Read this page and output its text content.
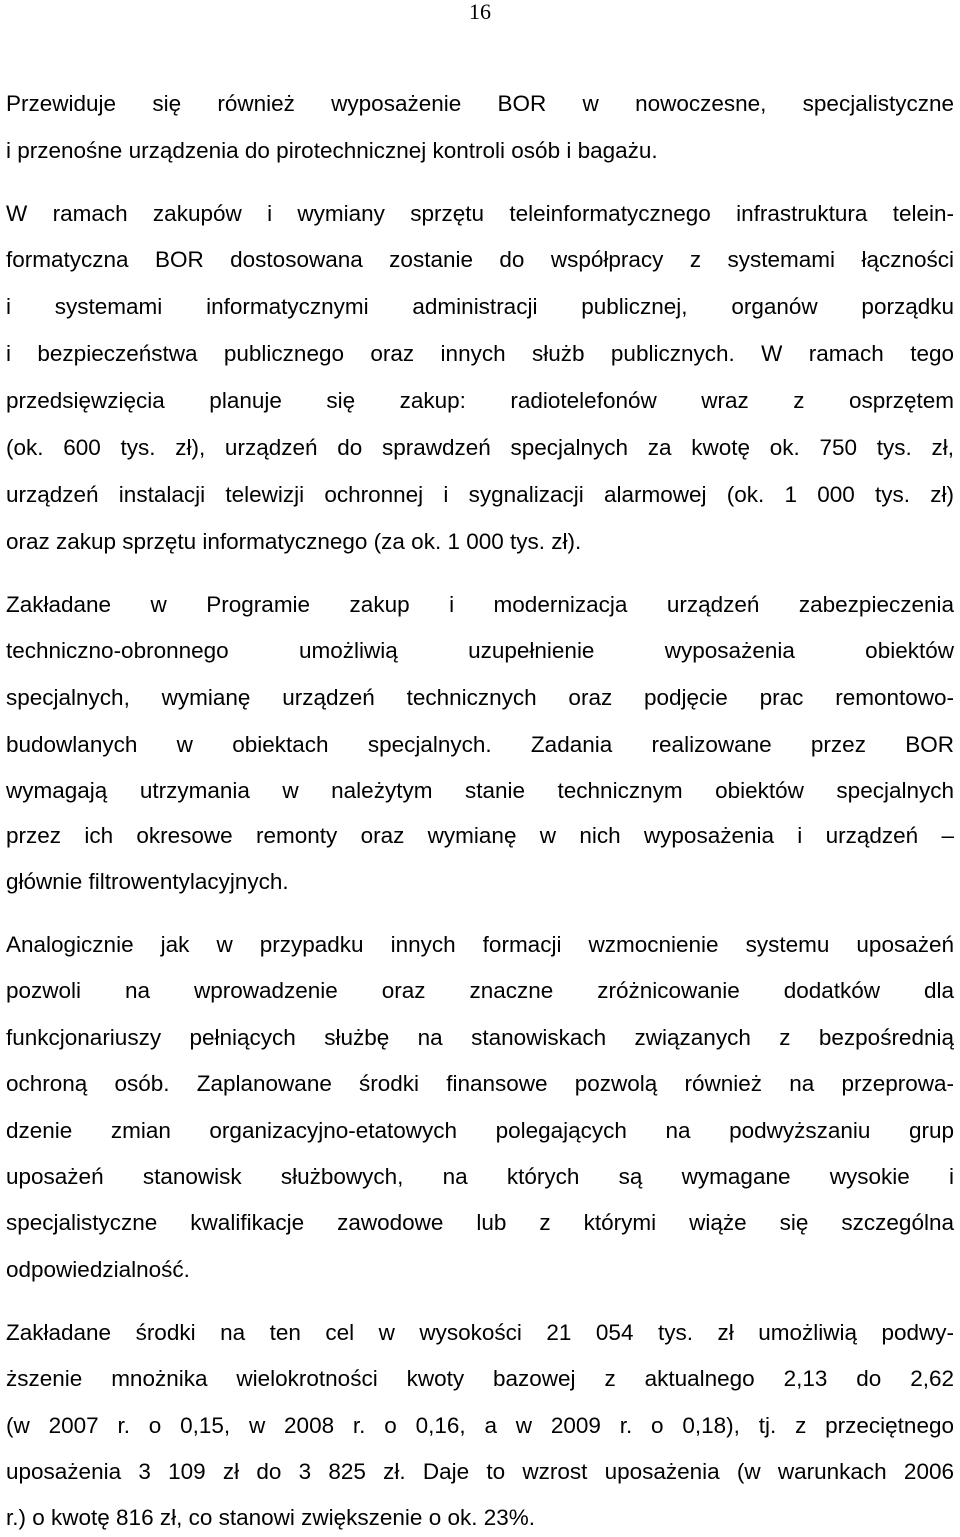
16
Przewiduje się również wyposażenie BOR w nowoczesne, specjalistyczne
i przenośne urządzenia do pirotechnicznej kontroli osób i bagażu.
W ramach zakupów i wymiany sprzętu teleinformatycznego infrastruktura telein-
formatyczna BOR dostosowana zostanie do współpracy z systemami łączności
i systemami informatycznymi administracji publicznej, organów porządku
i bezpieczeństwa publicznego oraz innych służb publicznych. W ramach tego
przedsięwzięcia planuje się zakup: radiotelefonów wraz z osprzętem
(ok. 600 tys. zł), urządzeń do sprawdzeń specjalnych za kwotę ok. 750 tys. zł,
urządzeń instalacji telewizji ochronnej i sygnalizacji alarmowej (ok. 1 000 tys. zł)
oraz zakup sprzętu informatycznego (za ok. 1 000 tys. zł).
Zakładane w Programie zakup i modernizacja urządzeń zabezpieczenia
techniczno-obronnego umożliwią uzupełnienie wyposażenia obiektów
specjalnych, wymianę urządzeń technicznych oraz podjęcie prac remontowo-
budowlanych w obiektach specjalnych. Zadania realizowane przez BOR
wymagają utrzymania w należytym stanie technicznym obiektów specjalnych
przez ich okresowe remonty oraz wymianę w nich wyposażenia i urządzeń –
głównie filtrowentylacyjnych.
Analogicznie jak w przypadku innych formacji wzmocnienie systemu uposażeń
pozwoli na wprowadzenie oraz znaczne zróżnicowanie dodatków dla
funkcjonariuszy pełniących służbę na stanowiskach związanych z bezpośrednią
ochroną osób. Zaplanowane środki finansowe pozwolą również na przeprowa-
dzenie zmian organizacyjno-etatowych polegających na podwyższaniu grup
uposażeń stanowisk służbowych, na których są wymagane wysokie i
specjalistyczne kwalifikacje zawodowe lub z którymi wiąże się szczególna
odpowiedzialność.
Zakładane środki na ten cel w wysokości 21 054 tys. zł umożliwią podwy-
ższenie mnożnika wielokrotności kwoty bazowej z aktualnego 2,13 do 2,62
(w 2007 r. o 0,15, w 2008 r. o 0,16, a w 2009 r. o 0,18), tj. z przeciętnego
uposażenia 3 109 zł do 3 825 zł. Daje to wzrost uposażenia (w warunkach 2006
r.) o kwotę 816 zł, co stanowi zwiększenie o ok. 23%.
